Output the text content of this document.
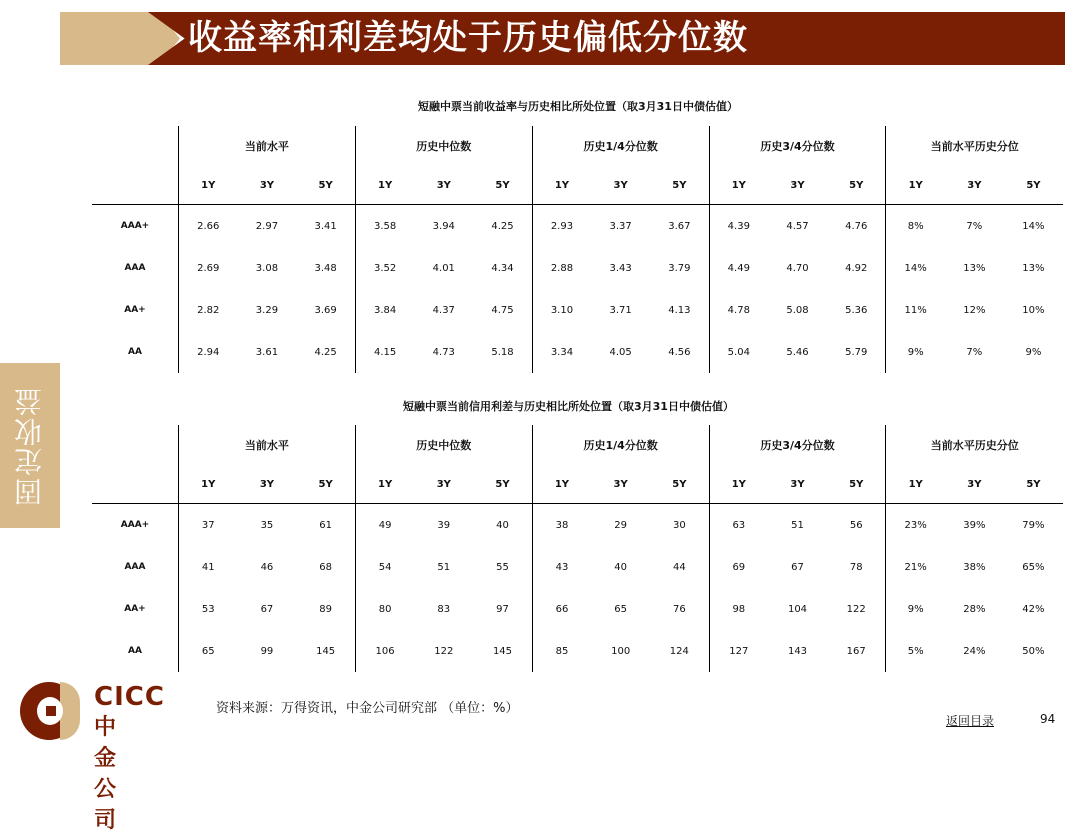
收益率和利差均处于历史偏低分位数
固定收益
短融中票当前收益率与历史相比所处位置（取3月31日中债估值）
	当前水平			历史中位数			历史1/4分位数			历史3/4分位数			当前水平历史分位		
	1Y	3Y	5Y	1Y	3Y	5Y	1Y	3Y	5Y	1Y	3Y	5Y	1Y	3Y	5Y
AAA+	2.66	2.97	3.41	3.58	3.94	4.25	2.93	3.37	3.67	4.39	4.57	4.76	8%	7%	14%
AAA	2.69	3.08	3.48	3.52	4.01	4.34	2.88	3.43	3.79	4.49	4.70	4.92	14%	13%	13%
AA+	2.82	3.29	3.69	3.84	4.37	4.75	3.10	3.71	4.13	4.78	5.08	5.36	11%	12%	10%
AA	2.94	3.61	4.25	4.15	4.73	5.18	3.34	4.05	4.56	5.04	5.46	5.79	9%	7%	9%
短融中票当前信用利差与历史相比所处位置（取3月31日中债估值）
	当前水平			历史中位数			历史1/4分位数			历史3/4分位数			当前水平历史分位		
	1Y	3Y	5Y	1Y	3Y	5Y	1Y	3Y	5Y	1Y	3Y	5Y	1Y	3Y	5Y
AAA+	37	35	61	49	39	40	38	29	30	63	51	56	23%	39%	79%
AAA	41	46	68	54	51	55	43	40	44	69	67	78	21%	38%	65%
AA+	53	67	89	80	83	97	66	65	76	98	104	122	9%	28%	42%
AA	65	99	145	106	122	145	85	100	124	127	143	167	5%	24%	50%
CICC
中金公司
资料来源：万得资讯，中金公司研究部 （单位：%）
返回目录	94
